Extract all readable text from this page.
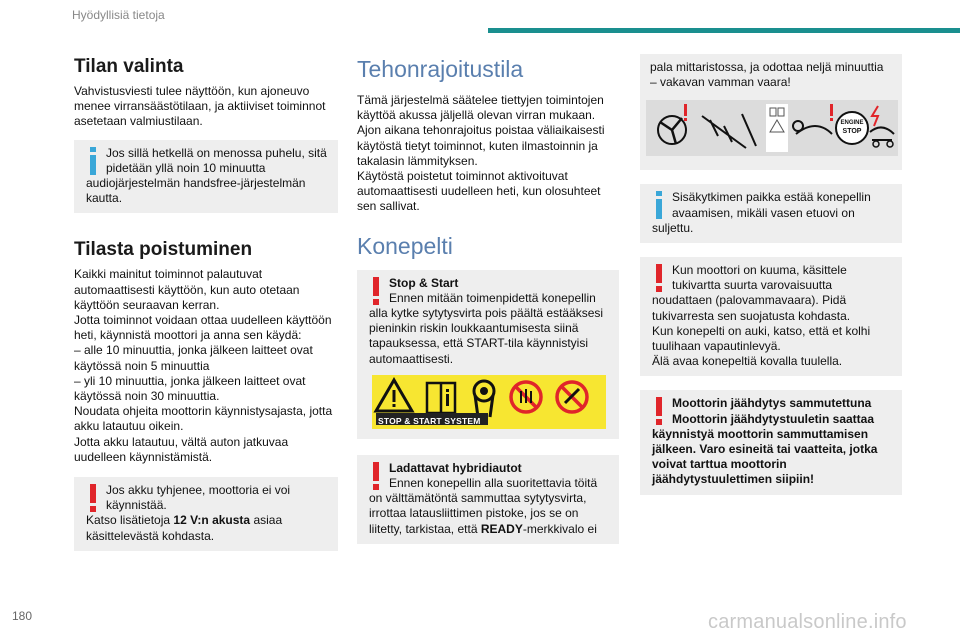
Hyödyllisiä tietoja
180	carmanualsonline.info
Tilan valinta
Vahvistusviesti tulee näyttöön, kun ajoneuvo menee virransäästötilaan, ja aktiiviset toiminnot asetetaan valmiustilaan.
Jos sillä hetkellä on menossa puhelu, sitä pidetään yllä noin 10 minuutta
audiojärjestelmän handsfree-järjestelmän kautta.
Tilasta poistuminen
Kaikki mainitut toiminnot palautuvat automaattisesti käyttöön, kun auto otetaan käyttöön seuraavan kerran.
Jotta toiminnot voidaan ottaa uudelleen käyttöön heti, käynnistä moottori ja anna sen käydä:
– alle 10 minuuttia, jonka jälkeen laitteet ovat käytössä noin 5 minuuttia
– yli 10 minuuttia, jonka jälkeen laitteet ovat käytössä noin 30 minuuttia.
Noudata ohjeita moottorin käynnistysajasta, jotta akku latautuu oikein.
Jotta akku latautuu, vältä auton jatkuvaa uudelleen käynnistämistä.
Jos akku tyhjenee, moottoria ei voi käynnistää.
Katso lisätietoja 12 V:n akusta asiaa käsittelevästä kohdasta.
Tehonrajoitustila
Tämä järjestelmä säätelee tiettyjen toimintojen käyttöä akussa jäljellä olevan virran mukaan.
Ajon aikana tehonrajoitus poistaa väliaikaisesti käytöstä tietyt toiminnot, kuten ilmastoinnin ja takalasin lämmityksen.
Käytöstä poistetut toiminnot aktivoituvat automaattisesti uudelleen heti, kun olosuhteet sen sallivat.
Konepelti
Stop & Start
Ennen mitään toimenpidettä konepellin alla kytke sytytysvirta pois päältä estääksesi pieninkin riskin loukkaantumisesta siinä tapauksessa, että START-tila käynnistyisi automaattisesti.
STOP & START SYSTEM
Ladattavat hybridiautot
Ennen konepellin alla suoritettavia töitä on välttämätöntä sammuttaa sytytysvirta, irrottaa latausliittimen pistoke, jos se on liitetty, tarkistaa, että READY-merkkivalo ei
pala mittaristossa, ja odottaa neljä minuuttia – vakavan vamman vaara!
ENGINE
STOP
Sisäkytkimen paikka estää konepellin avaamisen, mikäli vasen etuovi on
suljettu.
Kun moottori on kuuma, käsittele tukivartta suurta varovaisuutta
noudattaen (palovammavaara). Pidä tukivarresta sen suojatusta kohdasta.
Kun konepelti on auki, katso, että et kolhi tuulihaan vapautinlevyä.
Älä avaa konepeltiä kovalla tuulella.
Moottorin jäähdytys sammutettuna
Moottorin jäähdytystuuletin saattaa
käynnistyä moottorin sammuttamisen jälkeen. Varo esineitä tai vaatteita, jotka voivat tarttua moottorin jäähdytystuulettimen siipiin!
